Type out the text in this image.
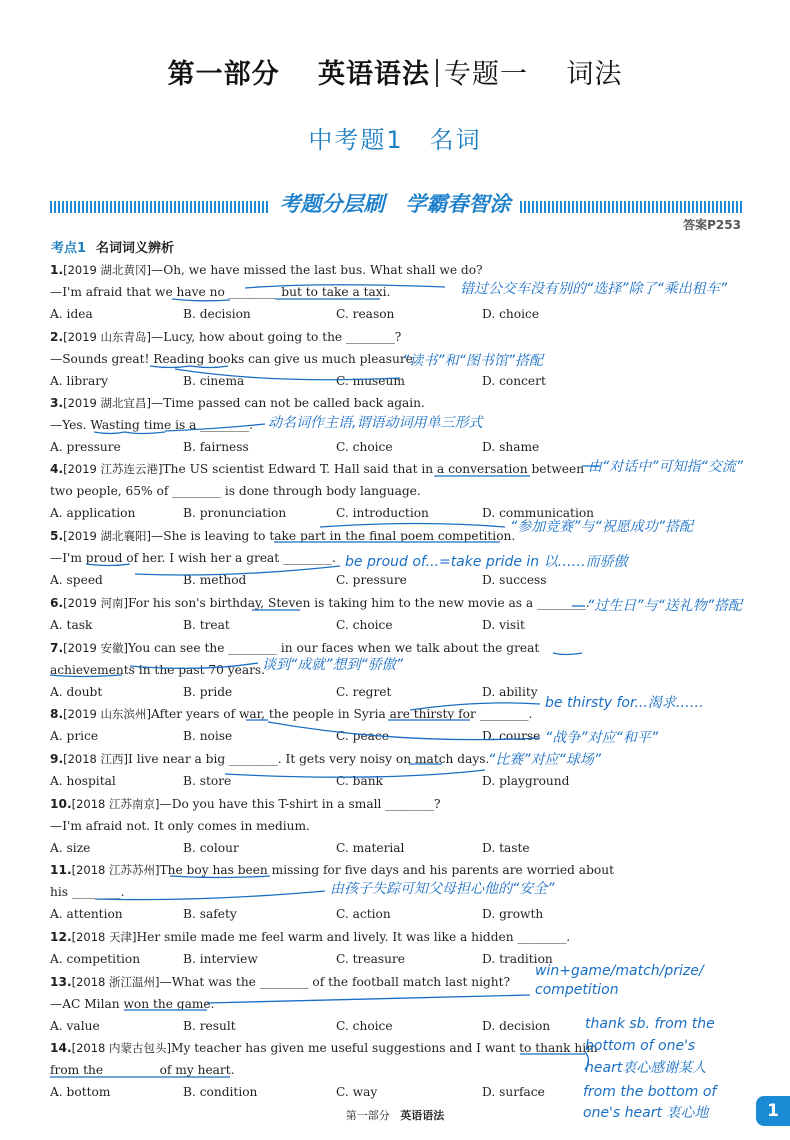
第一部分　 英语语法 专题一　 词法
中考题1　名词
考题分层刷　学霸春智涂
答案P253
考点1 名词词义辨析
1.[2019 湖北黄冈]—Oh, we have missed the last bus. What shall we do?
—I'm afraid that we have no ________ but to take a taxi.
A. idea	B. decision	C. reason	D. choice
2.[2019 山东青岛]—Lucy, how about going to the ________?
—Sounds great! Reading books can give us much pleasure.
A. library	B. cinema	C. museum	D. concert
3.[2019 湖北宜昌]—Time passed can not be called back again.
—Yes. Wasting time is a ________.
A. pressure	B. fairness	C. choice	D. shame
4.[2019 江苏连云港]The US scientist Edward T. Hall said that in a conversation between
two people, 65% of ________ is done through body language.
A. application	B. pronunciation	C. introduction	D. communication
5.[2019 湖北襄阳]—She is leaving to take part in the final poem competition.
—I'm proud of her. I wish her a great ________.
A. speed	B. method	C. pressure	D. success
6.[2019 河南]For his son's birthday, Steven is taking him to the new movie as a ________.
A. task	B. treat	C. choice	D. visit
7.[2019 安徽]You can see the ________ in our faces when we talk about the great
achievements in the past 70 years.
A. doubt	B. pride	C. regret	D. ability
8.[2019 山东滨州]After years of war, the people in Syria are thirsty for ________.
A. price	B. noise	C. peace	D. course
9.[2018 江西]I live near a big ________. It gets very noisy on match days.
A. hospital	B. store	C. bank	D. playground
10.[2018 江苏南京]—Do you have this T-shirt in a small ________?
—I'm afraid not. It only comes in medium.
A. size	B. colour	C. material	D. taste
11.[2018 江苏苏州]The boy has been missing for five days and his parents are worried about
his ________.
A. attention	B. safety	C. action	D. growth
12.[2018 天津]Her smile made me feel warm and lively. It was like a hidden ________.
A. competition	B. interview	C. treasure	D. tradition
13.[2018 浙江温州]—What was the ________ of the football match last night?
—AC Milan won the game.
A. value	B. result	C. choice	D. decision
14.[2018 内蒙古包头]My teacher has given me useful suggestions and I want to thank him
from the ________ of my heart.
A. bottom	B. condition	C. way	D. surface
错过公交车没有别的“选择”除了“乘出租车”
“读书”和“图书馆”搭配
动名词作主语,谓语动词用单三形式
由“对话中”可知指“交流”
“参加竞赛”与“祝愿成功”搭配
be proud of...=take pride in 以……而骄傲
“过生日”与“送礼物”搭配
谈到“成就”想到“骄傲”
be thirsty for...渴求……
“战争”对应“和平”
“比赛”对应“球场”
由孩子失踪可知父母担心他的“安全”
win+game/match/prize/
competition
thank sb. from the
bottom of one's
heart衷心感谢某人
from the bottom of
one's heart 衷心地
第一部分 英语语法	1
